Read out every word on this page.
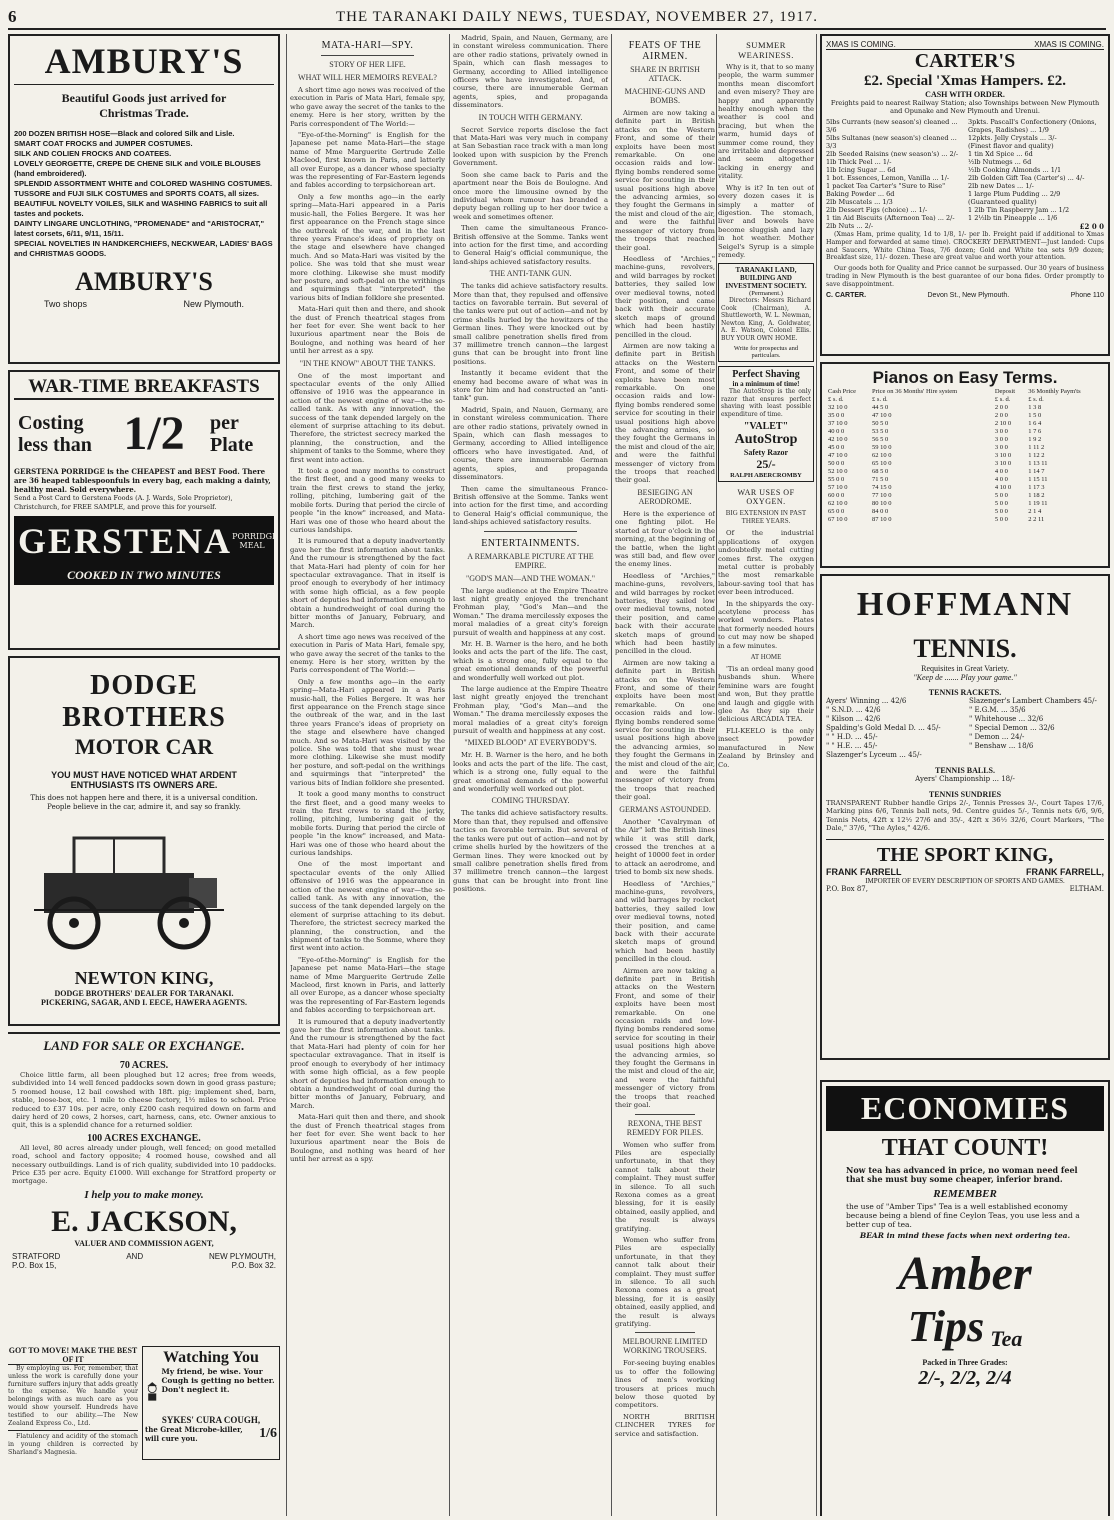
6	THE TARANAKI DAILY NEWS, TUESDAY, NOVEMBER 27, 1917.
AMBURY'S
Beautiful Goods just arrived for Christmas Trade.
200 DOZEN BRITISH HOSE—Black and colored Silk and Lisle.
SMART COAT FROCKS and JUMPER COSTUMES.
SILK AND COLIEN FROCKS AND COATEES.
LOVELY GEORGETTE, CREPE DE CHENE SILK and VOILE BLOUSES (hand embroidered).
SPLENDID ASSORTMENT WHITE and COLORED WASHING COSTUMES.
TUSSORE and FUJI SILK COSTUMES and SPORTS COATS, all sizes.
BEAUTIFUL NOVELTY VOILES, SILK and WASHING FABRICS to suit all tastes and pockets.
DAINTY LINGARE UNCLOTHING, "PROMENADE" and "ARISTOCRAT," latest corsets, 6/11, 9/11, 15/11.
SPECIAL NOVELTIES IN HANDKERCHIEFS, NECKWEAR, LADIES' BAGS and CHRISTMAS GOODS.
AMBURY'S
Two shops	New Plymouth.
WAR-TIME BREAKFASTS
Costing less than 1 / 2 per Plate
GERSTENA PORRIDGE is the CHEAPEST and BEST Food. There are 36 heaped tablespoonfuls in every bag, each making a dainty, healthy meal. Sold everywhere.
Send a Post Card to Gerstena Foods (A. J. Wards, Sole Proprietor), Christchurch, for FREE SAMPLE, and prove this for yourself.
GERSTENA PORRIDGE MEAL
COOKED IN TWO MINUTES
DODGE BROTHERS
MOTOR CAR
YOU MUST HAVE NOTICED WHAT ARDENT ENTHUSIASTS ITS OWNERS ARE.
This does not happen here and there, it is a universal condition. People believe in the car, admire it, and say so frankly.
NEWTON KING,
DODGE BROTHERS' DEALER FOR TARANAKI.
PICKERING, SAGAR, AND I. EECE, HAWERA AGENTS.
LAND FOR SALE OR EXCHANGE.
70 ACRES.
Choice little farm, all been ploughed but 12 acres; free from weeds, subdivided into 14 well fenced paddocks sown down in good grass pasture; 5 roomed house, 12 bail cowshed with 18ft. pig; implement shed, barn, stable, loose-box, etc. 1 mile to cheese factory, 1½ miles to school. Price reduced to £37 10s. per acre, only £200 cash required down on farm and dairy herd of 20 cows, 2 horses, cart, harness, cans, etc. Owner anxious to quit, this is a splendid chance for a returned soldier.
100 ACRES EXCHANGE.
All level, 80 acres already under plough, well fenced; on good metalled road, school and factory opposite; 4 roomed house, cowshed and all necessary outbuildings. Land is of rich quality, subdivided into 10 paddocks. Price £35 per acre. Equity £1000. Will exchange for Stratford property or mortgage.
I help you to make money.
E. JACKSON,
VALUER AND COMMISSION AGENT,
STRATFORD
P.O. Box 15,
AND	NEW PLYMOUTH,
P.O. Box 32.
GOT TO MOVE! MAKE THE BEST OF IT
By employing us. For, remember, that unless the work is carefully done your furniture suffers injury that adds greatly to the expense. We handle your belongings with as much care as you would show yourself. Hundreds have testified to our ability.—The New Zealand Express Co., Ltd.
Flatulency and acidity of the stomach in young children is corrected by Sharland's Magnesia.
Watching You
My friend, be wise. Your Cough is getting no better. Don't neglect it.
SYKES' CURA COUGH,
the Great Microbe-killer, will cure you.	1/6
MATA-HARI—SPY.
STORY OF HER LIFE.
WHAT WILL HER MEMOIRS REVEAL?
A short time ago news was received of the execution in Paris of Mata Hari, female spy, who gave away the secret of the tanks to the enemy. Here is her story, written by the Paris correspondent of The World:—
"Eye-of-the-Morning" is English for the Japanese pet name Mata-Hari—the stage name of Mme Marguerite Gertrude Zelle Macleod, first known in Paris, and latterly all over Europe, as a dancer whose specialty was the representing of Far-Eastern legends and fables according to terpsichorean art.
Only a few months ago—in the early spring—Mata-Hari appeared in a Paris music-hall, the Folies Bergere. It was her first appearance on the French stage since the outbreak of the war, and in the last three years France's ideas of propriety on the stage and elsewhere have changed much. And so Mata-Hari was visited by the police. She was told that she must wear more clothing. Likewise she must modify her posture, and soft-pedal on the writhings and squirmings that "interpreted" the various bits of Indian folklore she presented.
Mata-Hari quit then and there, and shook the dust of French theatrical stages from her feet for ever. She went back to her luxurious apartment near the Bois de Boulogne, and nothing was heard of her until her arrest as a spy.
"IN THE KNOW" ABOUT THE TANKS.
One of the most important and spectacular events of the only Allied offensive of 1916 was the appearance in action of the newest engine of war—the so-called tank. As with any innovation, the success of the tank depended largely on the element of surprise attaching to its debut. Therefore, the strictest secrecy marked the planning, the construction, and the shipment of tanks to the Somme, where they first went into action.
It took a good many months to construct the first fleet, and a good many weeks to train the first crews to stand the jerky, rolling, pitching, lumbering gait of the mobile forts. During that period the circle of people "in the know" increased, and Mata-Hari was one of those who heard about the curious landships.
It is rumoured that a deputy inadvertently gave her the first information about tanks. And the rumour is strengthened by the fact that Mata-Hari had plenty of coin for her spectacular extravagance. That in itself is proof enough to everybody of her intimacy with some high official, as a few people short of deputies had information enough to obtain a hundredweight of coal during the bitter months of January, February, and March.
A short time ago news was received of the execution in Paris of Mata Hari, female spy, who gave away the secret of the tanks to the enemy. Here is her story, written by the Paris correspondent of The World:—
Only a few months ago—in the early spring—Mata-Hari appeared in a Paris music-hall, the Folies Bergere. It was her first appearance on the French stage since the outbreak of the war, and in the last three years France's ideas of propriety on the stage and elsewhere have changed much. And so Mata-Hari was visited by the police. She was told that she must wear more clothing. Likewise she must modify her posture, and soft-pedal on the writhings and squirmings that "interpreted" the various bits of Indian folklore she presented.
It took a good many months to construct the first fleet, and a good many weeks to train the first crews to stand the jerky, rolling, pitching, lumbering gait of the mobile forts. During that period the circle of people "in the know" increased, and Mata-Hari was one of those who heard about the curious landships.
One of the most important and spectacular events of the only Allied offensive of 1916 was the appearance in action of the newest engine of war—the so-called tank. As with any innovation, the success of the tank depended largely on the element of surprise attaching to its debut. Therefore, the strictest secrecy marked the planning, the construction, and the shipment of tanks to the Somme, where they first went into action.
"Eye-of-the-Morning" is English for the Japanese pet name Mata-Hari—the stage name of Mme Marguerite Gertrude Zelle Macleod, first known in Paris, and latterly all over Europe, as a dancer whose specialty was the representing of Far-Eastern legends and fables according to terpsichorean art.
It is rumoured that a deputy inadvertently gave her the first information about tanks. And the rumour is strengthened by the fact that Mata-Hari had plenty of coin for her spectacular extravagance. That in itself is proof enough to everybody of her intimacy with some high official, as a few people short of deputies had information enough to obtain a hundredweight of coal during the bitter months of January, February, and March.
Mata-Hari quit then and there, and shook the dust of French theatrical stages from her feet for ever. She went back to her luxurious apartment near the Bois de Boulogne, and nothing was heard of her until her arrest as a spy.
Madrid, Spain, and Nauen, Germany, are in constant wireless communication. There are other radio stations, privately owned in Spain, which can flash messages to Germany, according to Allied intelligence officers who have investigated. And, of course, there are innumerable German agents, spies, and propaganda disseminators.
IN TOUCH WITH GERMANY.
Secret Service reports disclose the fact that Mata-Hari was very much in company at San Sebastian race track with a man long looked upon with suspicion by the French Government.
Soon she came back to Paris and the apartment near the Bois de Boulogne. And once more the limousine owned by the individual whom rumour has branded a deputy began rolling up to her door twice a week and sometimes oftener.
Then came the simultaneous Franco-British offensive at the Somme. Tanks went into action for the first time, and according to General Haig's official communique, the land-ships achieved satisfactory results.
THE ANTI-TANK GUN.
The tanks did achieve satisfactory results. More than that, they repulsed and offensive tactics on favorable terrain. But several of the tanks were put out of action—and not by crime shells hurled by the howitzers of the German lines. They were knocked out by small calibre penetration shells fired from 37 millimetre trench cannon—the largest guns that can be brought into front line positions.
Instantly it became evident that the enemy had become aware of what was in store for him and had constructed an "anti-tank" gun.
Madrid, Spain, and Nauen, Germany, are in constant wireless communication. There are other radio stations, privately owned in Spain, which can flash messages to Germany, according to Allied intelligence officers who have investigated. And, of course, there are innumerable German agents, spies, and propaganda disseminators.
Then came the simultaneous Franco-British offensive at the Somme. Tanks went into action for the first time, and according to General Haig's official communique, the land-ships achieved satisfactory results.
ENTERTAINMENTS.
A REMARKABLE PICTURE AT THE EMPIRE.
"GOD'S MAN—AND THE WOMAN."
The large audience at the Empire Theatre last night greatly enjoyed the trenchant Frohman play, "God's Man—and the Woman." The drama mercilessly exposes the moral maladies of a great city's foreign pursuit of wealth and happiness at any cost.
Mr. H. B. Warner is the hero, and he both looks and acts the part of the life. The cast, which is a strong one, fully equal to the great emotional demands of the powerful and wonderfully well worked out plot.
The large audience at the Empire Theatre last night greatly enjoyed the trenchant Frohman play, "God's Man—and the Woman." The drama mercilessly exposes the moral maladies of a great city's foreign pursuit of wealth and happiness at any cost.
"MIXED BLOOD" AT EVERYBODY'S.
Mr. H. B. Warner is the hero, and he both looks and acts the part of the life. The cast, which is a strong one, fully equal to the great emotional demands of the powerful and wonderfully well worked out plot.
COMING THURSDAY.
The tanks did achieve satisfactory results. More than that, they repulsed and offensive tactics on favorable terrain. But several of the tanks were put out of action—and not by crime shells hurled by the howitzers of the German lines. They were knocked out by small calibre penetration shells fired from 37 millimetre trench cannon—the largest guns that can be brought into front line positions.
FEATS OF THE AIRMEN.
SHARE IN BRITISH ATTACK.
MACHINE-GUNS AND BOMBS.
Airmen are now taking a definite part in British attacks on the Western Front, and some of their exploits have been most remarkable. On one occasion raids and low-flying bombs rendered some service for scouting in their usual positions high above the advancing armies, so they fought the Germans in the mist and cloud of the air, and were the faithful messenger of victory from the troops that reached their goal.
Heedless of "Archies," machine-guns, revolvers, and wild barrages by rocket batteries, they sailed low over medieval towns, noted their position, and came back with their accurate sketch maps of ground which had been hastily pencilled in the cloud.
Airmen are now taking a definite part in British attacks on the Western Front, and some of their exploits have been most remarkable. On one occasion raids and low-flying bombs rendered some service for scouting in their usual positions high above the advancing armies, so they fought the Germans in the mist and cloud of the air, and were the faithful messenger of victory from the troops that reached their goal.
BESIEGING AN AERODROME.
Here is the experience of one fighting pilot. He started at four o'clock in the morning, at the beginning of the battle, when the light was still bad, and flew over the enemy lines.
Heedless of "Archies," machine-guns, revolvers, and wild barrages by rocket batteries, they sailed low over medieval towns, noted their position, and came back with their accurate sketch maps of ground which had been hastily pencilled in the cloud.
Airmen are now taking a definite part in British attacks on the Western Front, and some of their exploits have been most remarkable. On one occasion raids and low-flying bombs rendered some service for scouting in their usual positions high above the advancing armies, so they fought the Germans in the mist and cloud of the air, and were the faithful messenger of victory from the troops that reached their goal.
GERMANS ASTOUNDED.
Another "Cavalryman of the Air" left the British lines while it was still dark, crossed the trenches at a height of 10000 feet in order to attack an aerodrome, and tried to bomb six new sheds.
Heedless of "Archies," machine-guns, revolvers, and wild barrages by rocket batteries, they sailed low over medieval towns, noted their position, and came back with their accurate sketch maps of ground which had been hastily pencilled in the cloud.
Airmen are now taking a definite part in British attacks on the Western Front, and some of their exploits have been most remarkable. On one occasion raids and low-flying bombs rendered some service for scouting in their usual positions high above the advancing armies, so they fought the Germans in the mist and cloud of the air, and were the faithful messenger of victory from the troops that reached their goal.
REXONA, THE BEST REMEDY FOR PILES.
Women who suffer from Piles are especially unfortunate, in that they cannot talk about their complaint. They must suffer in silence. To all such Rexona comes as a great blessing, for it is easily obtained, easily applied, and the result is always gratifying.
Women who suffer from Piles are especially unfortunate, in that they cannot talk about their complaint. They must suffer in silence. To all such Rexona comes as a great blessing, for it is easily obtained, easily applied, and the result is always gratifying.
MELBOURNE LIMITED WORKING TROUSERS.
For-seeing buying enables us to offer the following lines of men's working trousers at prices much below those quoted by competitors.
NORTH BRITISH CLINCHER TYRES for service and satisfaction.
XMAS IS COMING.	XMAS IS COMING.
CARTER'S
£2. Special 'Xmas Hampers. £2.
CASH WITH ORDER.
Freights paid to nearest Railway Station; also Townships between New Plymouth and Opunake and New Plymouth and Urenui.
5lbs Currants (new season's) cleaned ... 3/6
5lbs Sultanas (new season's) cleaned ... 3/3
2lb Seeded Raisins (new season's) ... 2/-
1lb Thick Peel ... 1/-
1lb Icing Sugar ... 6d
1 bot. Essences, Lemon, Vanilla ... 1/-
1 packet Tea Carter's "Sure to Rise" Baking Powder ... 6d
2lb Muscatels ... 1/3
2lb Dessert Figs (choice) ... 1/-
1 tin Aid Biscuits (Afternoon Tea) ... 2/-
2lb Nuts ... 2/-
3pkts. Pascall's Confectionery (Onions, Grapes, Radishes) ... 1/9
12pkts. Jelly Crystals ... 3/-
(Finest flavor and quality)
1 tin Xd Spice ... 6d
½lb Nutmegs ... 6d
½lb Cooking Almonds ... 1/1
2lb Golden Gift Tea (Carter's) ... 4/-
2lb new Dates ... 1/-
1 large Plum Pudding ... 2/9
(Guaranteed quality)
1 2lb Tin Raspberry Jam ... 1/2
1 2½lb tin Pineapple ... 1/6
£2 0 0
(Xmas Ham, prime quality, 1d to 1/8, 1/- per lb. Freight paid if additional to Xmas Hamper and forwarded at same time). CROCKERY DEPARTMENT—Just landed: Cups and Saucers, White China Teas, 7/6 dozen; Gold and White tea sets 9/9 dozen; Breakfast size, 11/- dozen. These are great value and worth your attention.
Our goods both for Quality and Price cannot be surpassed. Our 30 years of business trading in New Plymouth is the best guarantee of our bona fides. Order promptly to save disappointment.
C. CARTER.	Devon St., New Plymouth.	Phone 110
Pianos on Easy Terms.
Cash Price	Price on 36 Months' Hire system	Deposit	36 Monthly Paym'ts
£ s. d.	£ s. d.	£ s. d.	£ s. d.
32 10 0	44 5 0	2 0 0	1 3 8
35 0 0	47 10 0	2 0 0	1 5 0
37 10 0	50 5 0	2 10 0	1 6 4
40 0 0	53 5 0	3 0 0	1 7 6
42 10 0	56 5 0	3 0 0	1 9 2
45 0 0	59 10 0	3 0 0	1 11 2
47 10 0	62 10 0	3 10 0	1 12 2
50 0 0	65 10 0	3 10 0	1 13 11
52 10 0	68 5 0	4 0 0	1 14 7
55 0 0	71 5 0	4 0 0	1 15 11
57 10 0	74 15 0	4 10 0	1 17 3
60 0 0	77 10 0	5 0 0	1 18 2
62 10 0	80 10 0	5 0 0	1 19 11
65 0 0	84 0 0	5 0 0	2 1 4
67 10 0	87 10 0	5 0 0	2 2 11
HOFFMANN
TENNIS.
Requisites in Great Variety.
"Keep de ....... Play your game."
TENNIS RACKETS.
Ayers' Winning ... 42/6
" S.N.D. ... 42/6
" Kilson ... 42/6
Spalding's Gold Medal D. ... 45/-
" " H.D. ... 45/-
" " H.E. ... 45/-
Slazenger's Lyceum ... 45/-
Slazenger's Lambert Chambers 45/-
" E.G.M. ... 35/6
" Whitehouse ... 32/6
" Special Demon ... 32/6
" Demon ... 24/-
" Benshaw ... 18/6
TENNIS BALLS.
Ayers' Championship ... 18/-
TENNIS SUNDRIES
TRANSPARENT Rubber handle Grips 2/-, Tennis Presses 3/-, Court Tapes 17/6, Marking pins 6/6, Tennis ball nets, 9d. Centre guides 5/-, Tennis nets 6/6, 9/6, Tennis Nets, 42ft x 12½ 27/6 and 35/-, 42ft x 36½ 32/6, Court Markers, "The Dale," 37/6, "The Ayles," 42/6.
THE SPORT KING,
FRANK FARRELL	FRANK FARRELL,
IMPORTER OF EVERY DESCRIPTION OF SPORTS AND GAMES.
P.O. Box 87,	ELTHAM.
ECONOMIES
THAT COUNT!
Now tea has advanced in price, no woman need feel that she must buy some cheaper, inferior brand.
REMEMBER
the use of "Amber Tips" Tea is a well established economy because being a blend of fine Ceylon Teas, you use less and a better cup of tea.
BEAR in mind these facts when next ordering tea.
Amber
Tips Tea
Packed in Three Grades:
2/-, 2/2, 2/4
SUMMER WEARINESS.
Why is it, that to so many people, the warm summer months mean discomfort and even misery? They are happy and apparently healthy enough when the weather is cool and bracing, but when the warm, humid days of summer come round, they are irritable and depressed and seem altogether lacking in energy and vitality.
Why is it? In ten out of every dozen cases it is simply a matter of digestion. The stomach, liver and bowels have become sluggish and lazy in hot weather. Mother Seigel's Syrup is a simple remedy.
TARANAKI LAND, BUILDING AND INVESTMENT SOCIETY.
(Permanent.)
Directors: Messrs Richard Cook (Chairman), A. Shuttleworth, W. L. Newman, Newton King, A. Goldwater, A. E. Watson, Colonel Ellis. BUY YOUR OWN HOME.
Write for prospectus and particulars.
Perfect Shaving
in a minimum of time!
The AutoStrop is the only razor that ensures perfect shaving with least possible expenditure of time.
"VALET"
AutoStrop
Safety Razor
25/-
RALPH ABERCROMBY
WAR USES OF OXYGEN.
BIG EXTENSION IN PAST THREE YEARS.
Of the industrial applications of oxygen undoubtedly metal cutting comes first. The oxygen metal cutter is probably the most remarkable labour-saving tool that has ever been introduced.
In the shipyards the oxy-acetylene process has worked wonders. Plates that formerly needed hours to cut may now be shaped in a few minutes.
AT HOME
'Tis an ordeal many good husbands shun. Where feminine wars are fought and won, But they prattle and laugh and giggle with glee As they sip their delicious ARCADIA TEA.
FLI-KEELO is the only insect powder manufactured in New Zealand by Brinsley and Co.
